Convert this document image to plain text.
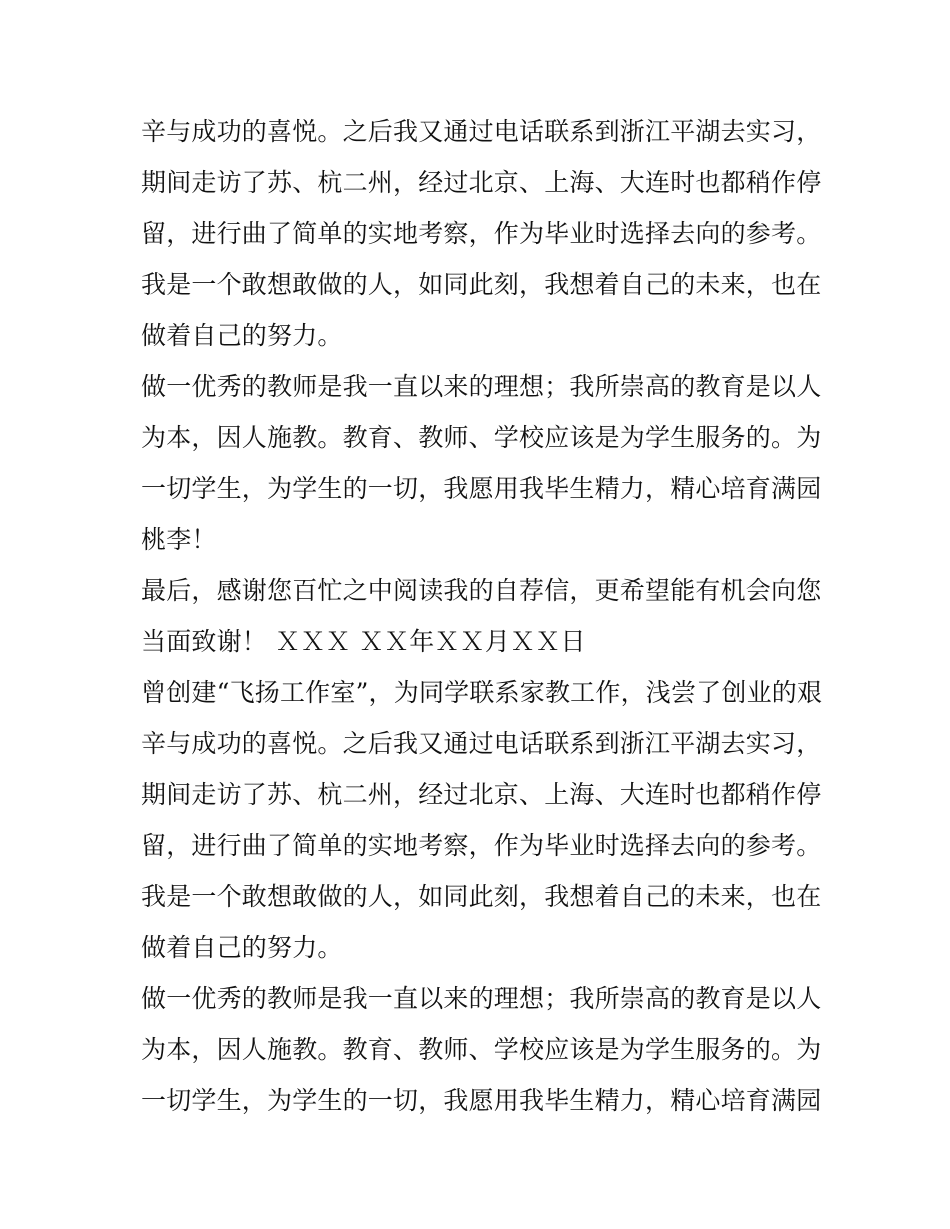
辛与成功的喜悦。之后我又通过电话联系到浙江平湖去实习，
期间走访了苏、杭二州，经过北京、上海、大连时也都稍作停
留，进行曲了简单的实地考察，作为毕业时选择去向的参考。
我是一个敢想敢做的人，如同此刻，我想着自己的未来，也在
做着自己的努力。
做一优秀的教师是我一直以来的理想；我所崇高的教育是以人
为本，因人施教。教育、教师、学校应该是为学生服务的。为
一切学生，为学生的一切，我愿用我毕生精力，精心培育满园
桃李！
最后，感谢您百忙之中阅读我的自荐信，更希望能有机会向您
当面致谢！ ＸＸＸ ＸＸ年ＸＸ月ＸＸ日
曾创建“飞扬工作室”，为同学联系家教工作，浅尝了创业的艰
辛与成功的喜悦。之后我又通过电话联系到浙江平湖去实习，
期间走访了苏、杭二州，经过北京、上海、大连时也都稍作停
留，进行曲了简单的实地考察，作为毕业时选择去向的参考。
我是一个敢想敢做的人，如同此刻，我想着自己的未来，也在
做着自己的努力。
做一优秀的教师是我一直以来的理想；我所崇高的教育是以人
为本，因人施教。教育、教师、学校应该是为学生服务的。为
一切学生，为学生的一切，我愿用我毕生精力，精心培育满园
